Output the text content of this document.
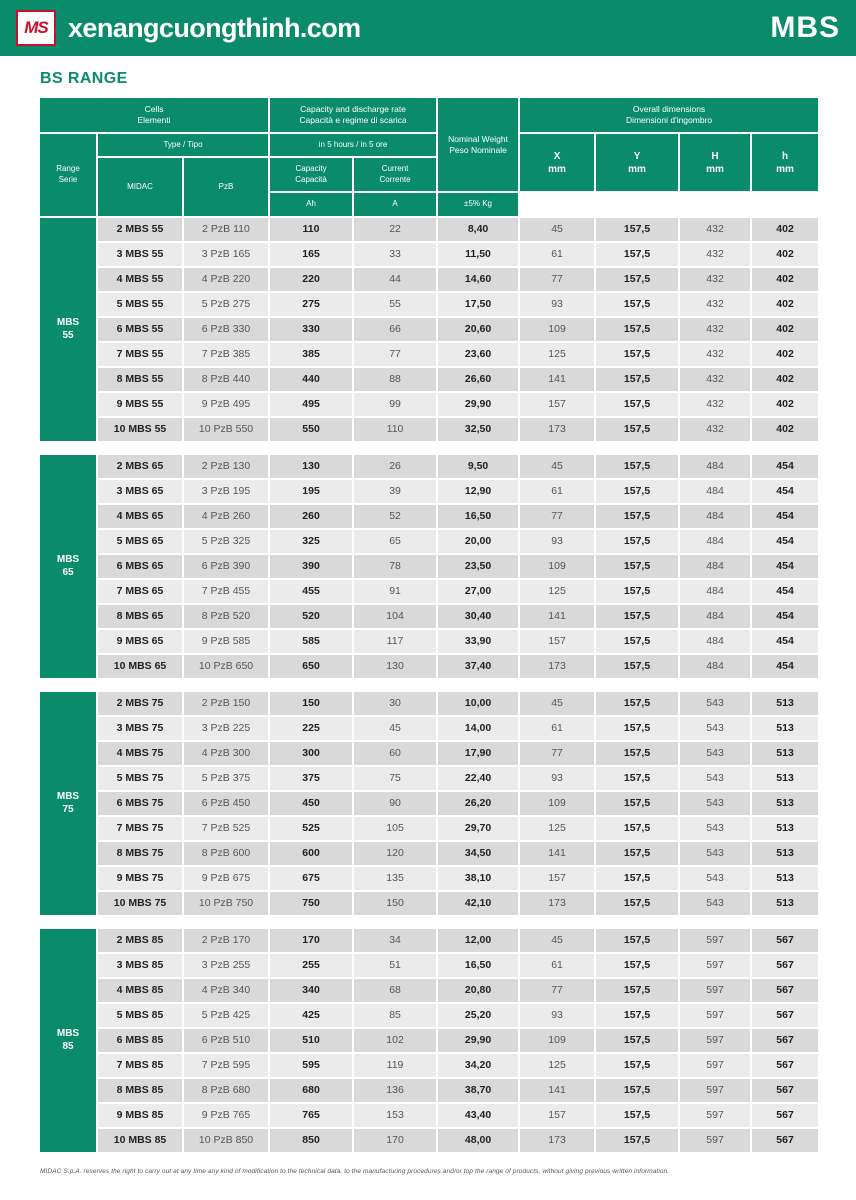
MS xenangcuongthinh.com	MBS
BS RANGE
Cells
Elementi

Capacity and discharge rate
Capacità e regime di scarica

Nominal Weight
Peso Nominale

Overall dimensions
Dimensioni d'ingombro

Range
Serie
	Type / Tipo	in 5 hours / in 5 ore	
X
mm

Y
mm

H
mm

h
mm

MIDAC	PzB	
Capacity
Capacità

Current
Corrente

			Ah	A	±5% Kg				

MBS
55	2 MBS 55	2 PzB 110	110	22	8,40	45	157,5	432	402
	3 MBS 55	3 PzB 165	165	33	11,50	61	157,5	432	402
	4 MBS 55	4 PzB 220	220	44	14,60	77	157,5	432	402
	5 MBS 55	5 PzB 275	275	55	17,50	93	157,5	432	402
	6 MBS 55	6 PzB 330	330	66	20,60	109	157,5	432	402
	7 MBS 55	7 PzB 385	385	77	23,60	125	157,5	432	402
	8 MBS 55	8 PzB 440	440	88	26,60	141	157,5	432	402
	9 MBS 55	9 PzB 495	495	99	29,90	157	157,5	432	402
	10 MBS 55	10 PzB 550	550	110	32,50	173	157,5	432	402

MBS
65	2 MBS 65	2 PzB 130	130	26	9,50	45	157,5	484	454
	3 MBS 65	3 PzB 195	195	39	12,90	61	157,5	484	454
	4 MBS 65	4 PzB 260	260	52	16,50	77	157,5	484	454
	5 MBS 65	5 PzB 325	325	65	20,00	93	157,5	484	454
	6 MBS 65	6 PzB 390	390	78	23,50	109	157,5	484	454
	7 MBS 65	7 PzB 455	455	91	27,00	125	157,5	484	454
	8 MBS 65	8 PzB 520	520	104	30,40	141	157,5	484	454
	9 MBS 65	9 PzB 585	585	117	33,90	157	157,5	484	454
	10 MBS 65	10 PzB 650	650	130	37,40	173	157,5	484	454

MBS
75	2 MBS 75	2 PzB 150	150	30	10,00	45	157,5	543	513
	3 MBS 75	3 PzB 225	225	45	14,00	61	157,5	543	513
	4 MBS 75	4 PzB 300	300	60	17,90	77	157,5	543	513
	5 MBS 75	5 PzB 375	375	75	22,40	93	157,5	543	513
	6 MBS 75	6 PzB 450	450	90	26,20	109	157,5	543	513
	7 MBS 75	7 PzB 525	525	105	29,70	125	157,5	543	513
	8 MBS 75	8 PzB 600	600	120	34,50	141	157,5	543	513
	9 MBS 75	9 PzB 675	675	135	38,10	157	157,5	543	513
	10 MBS 75	10 PzB 750	750	150	42,10	173	157,5	543	513

MBS
85	2 MBS 85	2 PzB 170	170	34	12,00	45	157,5	597	567
	3 MBS 85	3 PzB 255	255	51	16,50	61	157,5	597	567
	4 MBS 85	4 PzB 340	340	68	20,80	77	157,5	597	567
	5 MBS 85	5 PzB 425	425	85	25,20	93	157,5	597	567
	6 MBS 85	6 PzB 510	510	102	29,90	109	157,5	597	567
	7 MBS 85	7 PzB 595	595	119	34,20	125	157,5	597	567
	8 MBS 85	8 PzB 680	680	136	38,70	141	157,5	597	567
	9 MBS 85	9 PzB 765	765	153	43,40	157	157,5	597	567
	10 MBS 85	10 PzB 850	850	170	48,00	173	157,5	597	567
MIDAC S.p.A. reserves the right to carry out at any time any kind of modification to the technical data, to the manufacturing procedures and/or top the range of products, without giving previous written information.
